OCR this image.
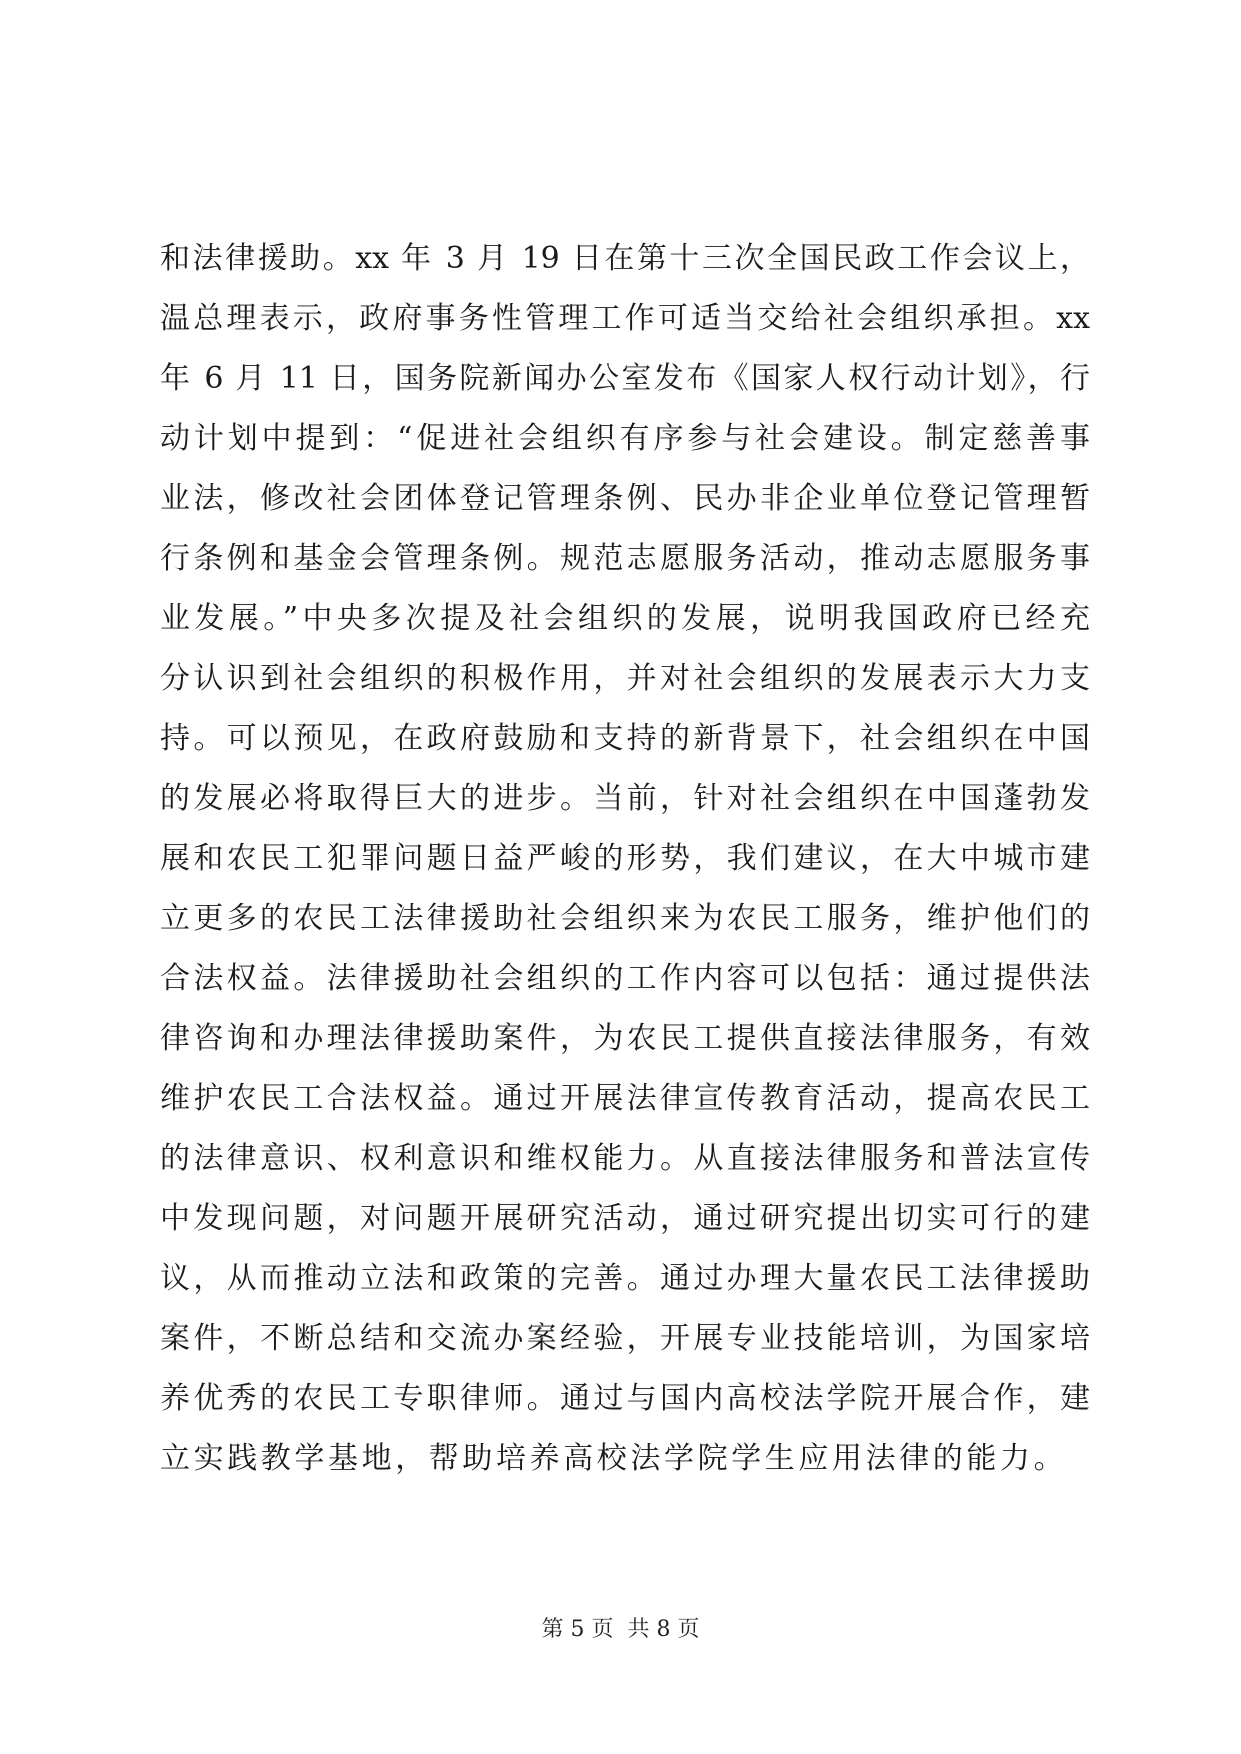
和法律援助。xx 年 3 月 19 日在第十三次全国民政工作会议上，
温总理表示，政府事务性管理工作可适当交给社会组织承担。xx
年 6 月 11 日，国务院新闻办公室发布《国家人权行动计划》，行
动计划中提到：“促进社会组织有序参与社会建设。制定慈善事
业法，修改社会团体登记管理条例、民办非企业单位登记管理暂
行条例和基金会管理条例。规范志愿服务活动，推动志愿服务事
业发展。”中央多次提及社会组织的发展，说明我国政府已经充
分认识到社会组织的积极作用，并对社会组织的发展表示大力支
持。可以预见，在政府鼓励和支持的新背景下，社会组织在中国
的发展必将取得巨大的进步。当前，针对社会组织在中国蓬勃发
展和农民工犯罪问题日益严峻的形势，我们建议，在大中城市建
立更多的农民工法律援助社会组织来为农民工服务，维护他们的
合法权益。法律援助社会组织的工作内容可以包括：通过提供法
律咨询和办理法律援助案件，为农民工提供直接法律服务，有效
维护农民工合法权益。通过开展法律宣传教育活动，提高农民工
的法律意识、权利意识和维权能力。从直接法律服务和普法宣传
中发现问题，对问题开展研究活动，通过研究提出切实可行的建
议，从而推动立法和政策的完善。通过办理大量农民工法律援助
案件，不断总结和交流办案经验，开展专业技能培训，为国家培
养优秀的农民工专职律师。通过与国内高校法学院开展合作，建
立实践教学基地，帮助培养高校法学院学生应用法律的能力。
第 5 页  共 8 页
